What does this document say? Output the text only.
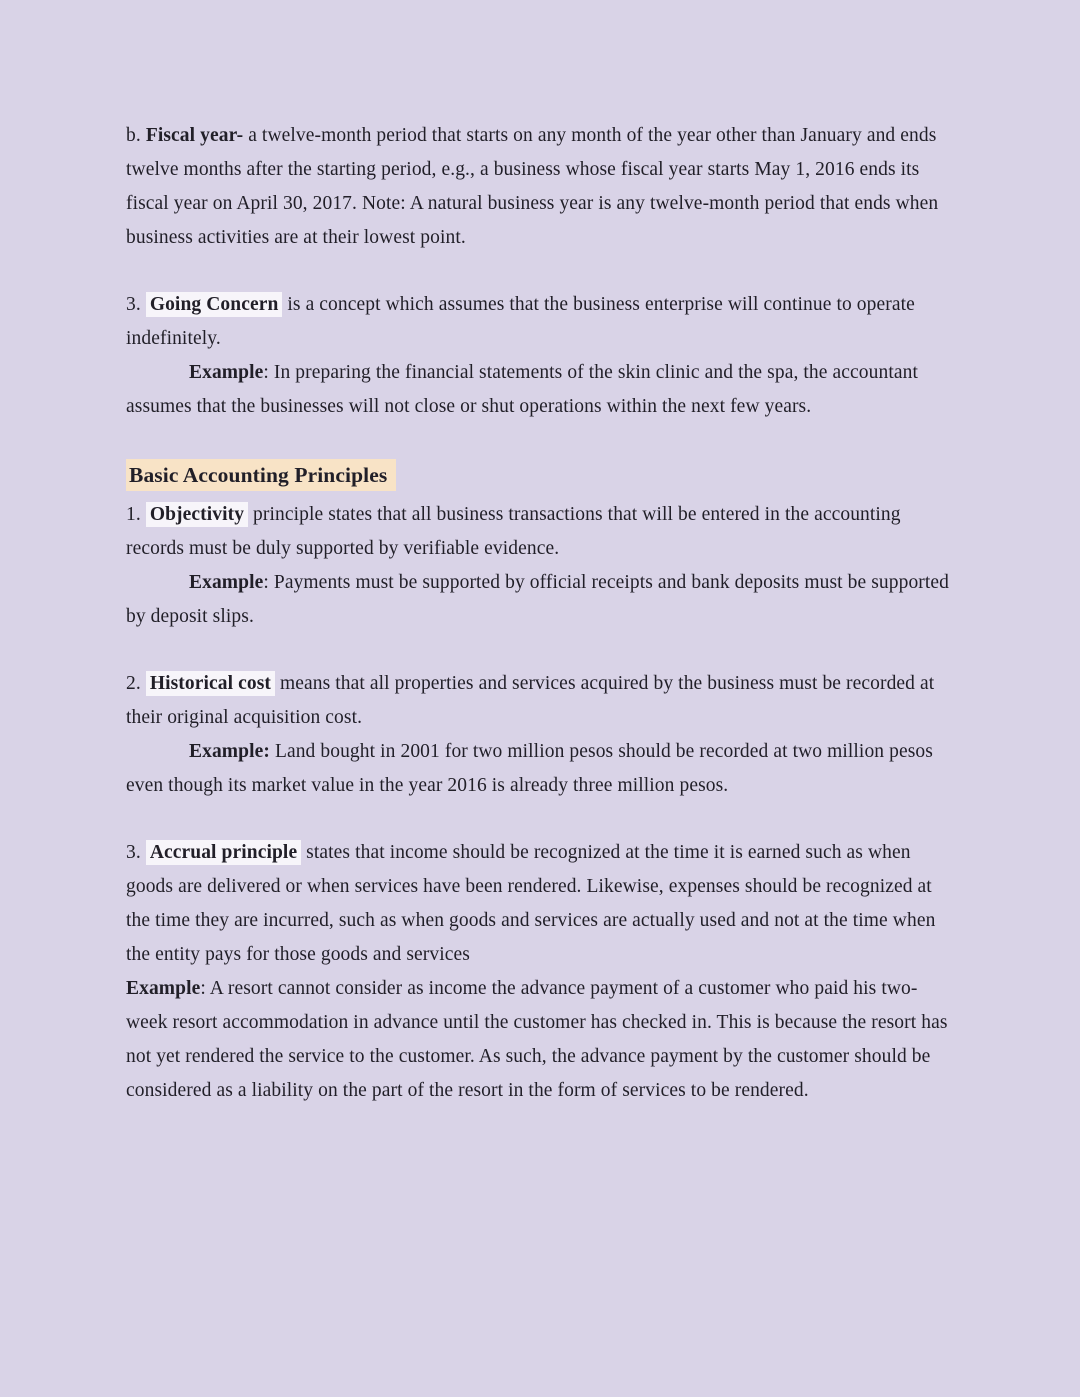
b. Fiscal year- a twelve-month period that starts on any month of the year other than January and ends twelve months after the starting period, e.g., a business whose fiscal year starts May 1, 2016 ends its fiscal year on April 30, 2017. Note: A natural business year is any twelve-month period that ends when business activities are at their lowest point.

3. Going Concern is a concept which assumes that the business enterprise will continue to operate indefinitely.

Example: In preparing the financial statements of the skin clinic and the spa, the accountant assumes that the businesses will not close or shut operations within the next few years.

Basic Accounting Principles

1. Objectivity principle states that all business transactions that will be entered in the accounting records must be duly supported by verifiable evidence.

Example: Payments must be supported by official receipts and bank deposits must be supported by deposit slips.

2. Historical cost means that all properties and services acquired by the business must be recorded at their original acquisition cost.

Example: Land bought in 2001 for two million pesos should be recorded at two million pesos even though its market value in the year 2016 is already three million pesos.

3. Accrual principle states that income should be recognized at the time it is earned such as when goods are delivered or when services have been rendered. Likewise, expenses should be recognized at the time they are incurred, such as when goods and services are actually used and not at the time when the entity pays for those goods and services

Example: A resort cannot consider as income the advance payment of a customer who paid his two-week resort accommodation in advance until the customer has checked in. This is because the resort has not yet rendered the service to the customer. As such, the advance payment by the customer should be considered as a liability on the part of the resort in the form of services to be rendered.
